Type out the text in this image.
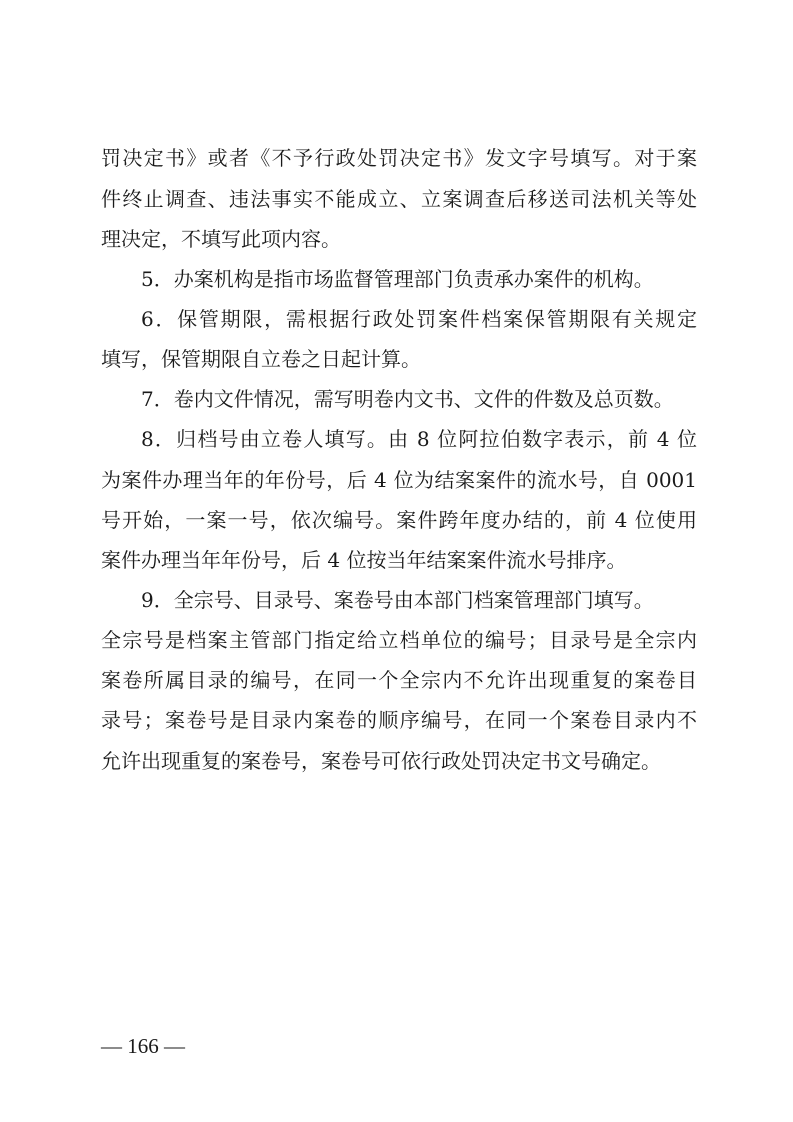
罚决定书》或者《不予行政处罚决定书》发文字号填写。对于案
件终止调查、违法事实不能成立、立案调查后移送司法机关等处
理决定，不填写此项内容。
5．办案机构是指市场监督管理部门负责承办案件的机构。
6．保管期限，需根据行政处罚案件档案保管期限有关规定
填写，保管期限自立卷之日起计算。
7．卷内文件情况，需写明卷内文书、文件的件数及总页数。
8．归档号由立卷人填写。由 8 位阿拉伯数字表示，前 4 位
为案件办理当年的年份号，后 4 位为结案案件的流水号，自 0001
号开始，一案一号，依次编号。案件跨年度办结的，前 4 位使用
案件办理当年年份号，后 4 位按当年结案案件流水号排序。
9．全宗号、目录号、案卷号由本部门档案管理部门填写。
全宗号是档案主管部门指定给立档单位的编号；目录号是全宗内
案卷所属目录的编号，在同一个全宗内不允许出现重复的案卷目
录号；案卷号是目录内案卷的顺序编号，在同一个案卷目录内不
允许出现重复的案卷号，案卷号可依行政处罚决定书文号确定。
— 166 —
